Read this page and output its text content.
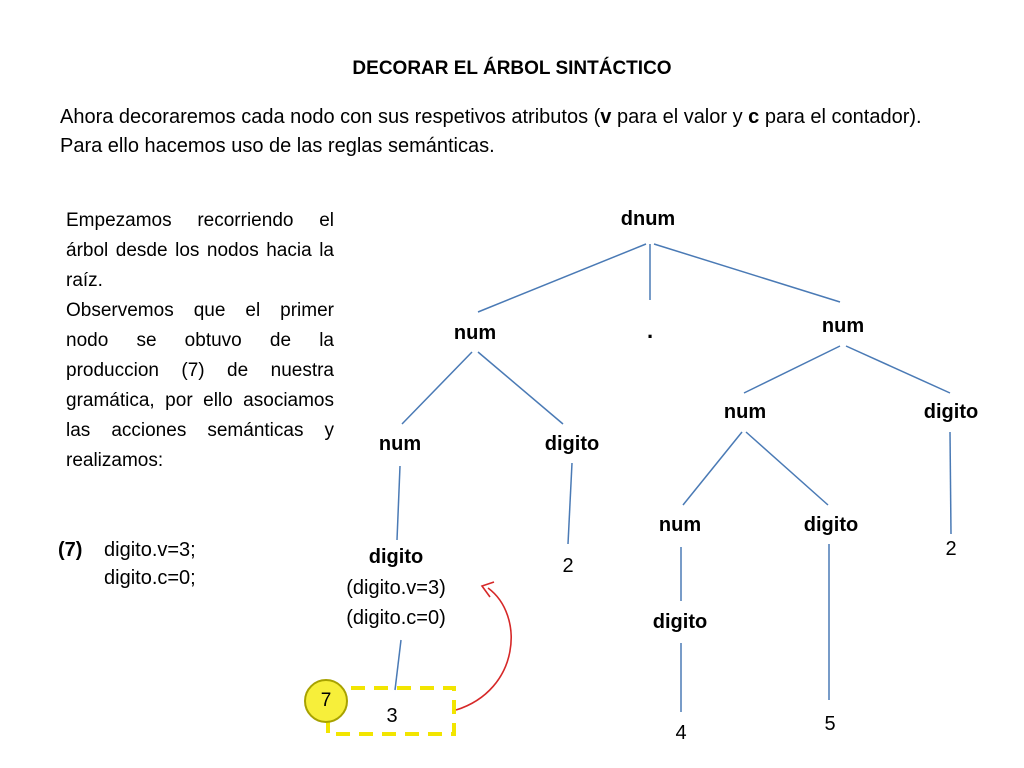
DECORAR EL ÁRBOL SINTÁCTICO
Ahora decoraremos cada nodo con sus respetivos atributos (v para el valor y c para el contador).
Para ello hacemos uso de las reglas semánticas.

Empezamos recorriendo el árbol desde los nodos hacia la raíz.

Observemos que el primer nodo se obtuvo de la produccion (7) de nuestra gramática, por ello asociamos las acciones semánticas y realizamos:

(7) digito.v=3;
digito.c=0;
dnum
num	.	num
num	digito
2
digito
(digito.v=3)
(digito.c=0)
3
num	digito
2
num	digito
5
digito
4
7
